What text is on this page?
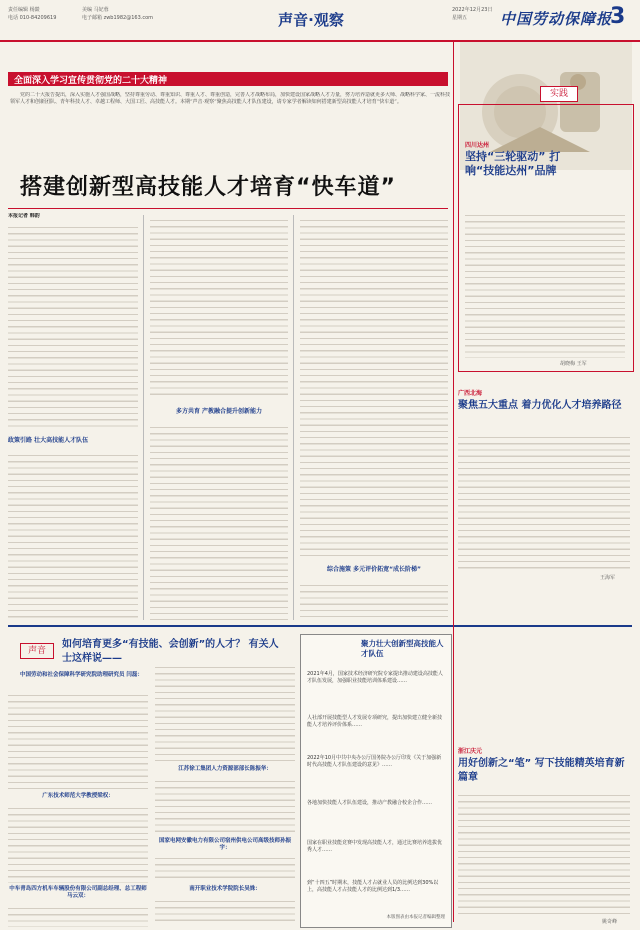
责任编辑 杨燚
电话 010-84209619
美编 马妃蓉
电子邮箱 zwb1982@163.com	声音·观察
2022年12月23日
星期五	中国劳动保障报
3
全面深入学习宣传贯彻党的二十大精神
党的二十大报告提出，深入实施人才强国战略，坚持尊重劳动、尊重知识、尊重人才、尊重创造，完善人才战略布局，加快建设国家战略人才力量，努力培养造就更多大师、战略科学家、一流科技领军人才和创新团队、青年科技人才、卓越工程师、大国工匠、高技能人才。本期“声音·观察”聚焦高技能人才队伍建设，请专家学者解读如何搭建新型高技能人才培育“快车道”。
搭建创新型高技能人才培育“快车道”
本报记者 韩韵
政策引路 壮大高技能人才队伍
多方共育 产教融合提升创新能力
综合施策 多元评价拓宽“成长阶梯”
实践
四川达州
坚持“三轮驱动” 打响“技能达州”品牌
胡晓梅 王军
广西北海
聚焦五大重点 着力优化人才培养路径
王海军
声音
如何培育更多“有技能、会创新”的人才？ 有关人士这样说——
中国劳动和社会保障科学研究院助理研究员 闫磊：
广东技术师范大学教授梁权：
中车青岛四方机车车辆股份有限公司副总经理、总工程师马云双：
江苏徐工集团人力资源部部长陈振华：
国家电网安徽电力有限公司宿州供电公司高级技师孙振宇：
南开职业技术学院院长吴姝：
聚力壮大创新型高技能人才队伍
2021年4月，国家技术经济研究院专家提出推动建设高技能人才队伍发展，加强职业技能培训体系建设……
人社部开展技能型人才发展专项研究，提出加快建立健全新技能人才培养评价体系……
2022年10月中共中央办公厅国务院办公厅印发《关于加强新时代高技能人才队伍建设的意见》……
各地加快技能人才队伍建设，推动产教融合校企合作……
国家在职业技能竞赛中发现高技能人才，通过比赛培养选拔优秀人才……
到“十四五”时期末，技能人才占就业人员的比例达到30%以上，高技能人才占技能人才的比例达到1/3……
本版图表由本报记者编辑整理
浙江庆元
用好创新之“笔” 写下技能精英培育新篇章
姚奇峰
